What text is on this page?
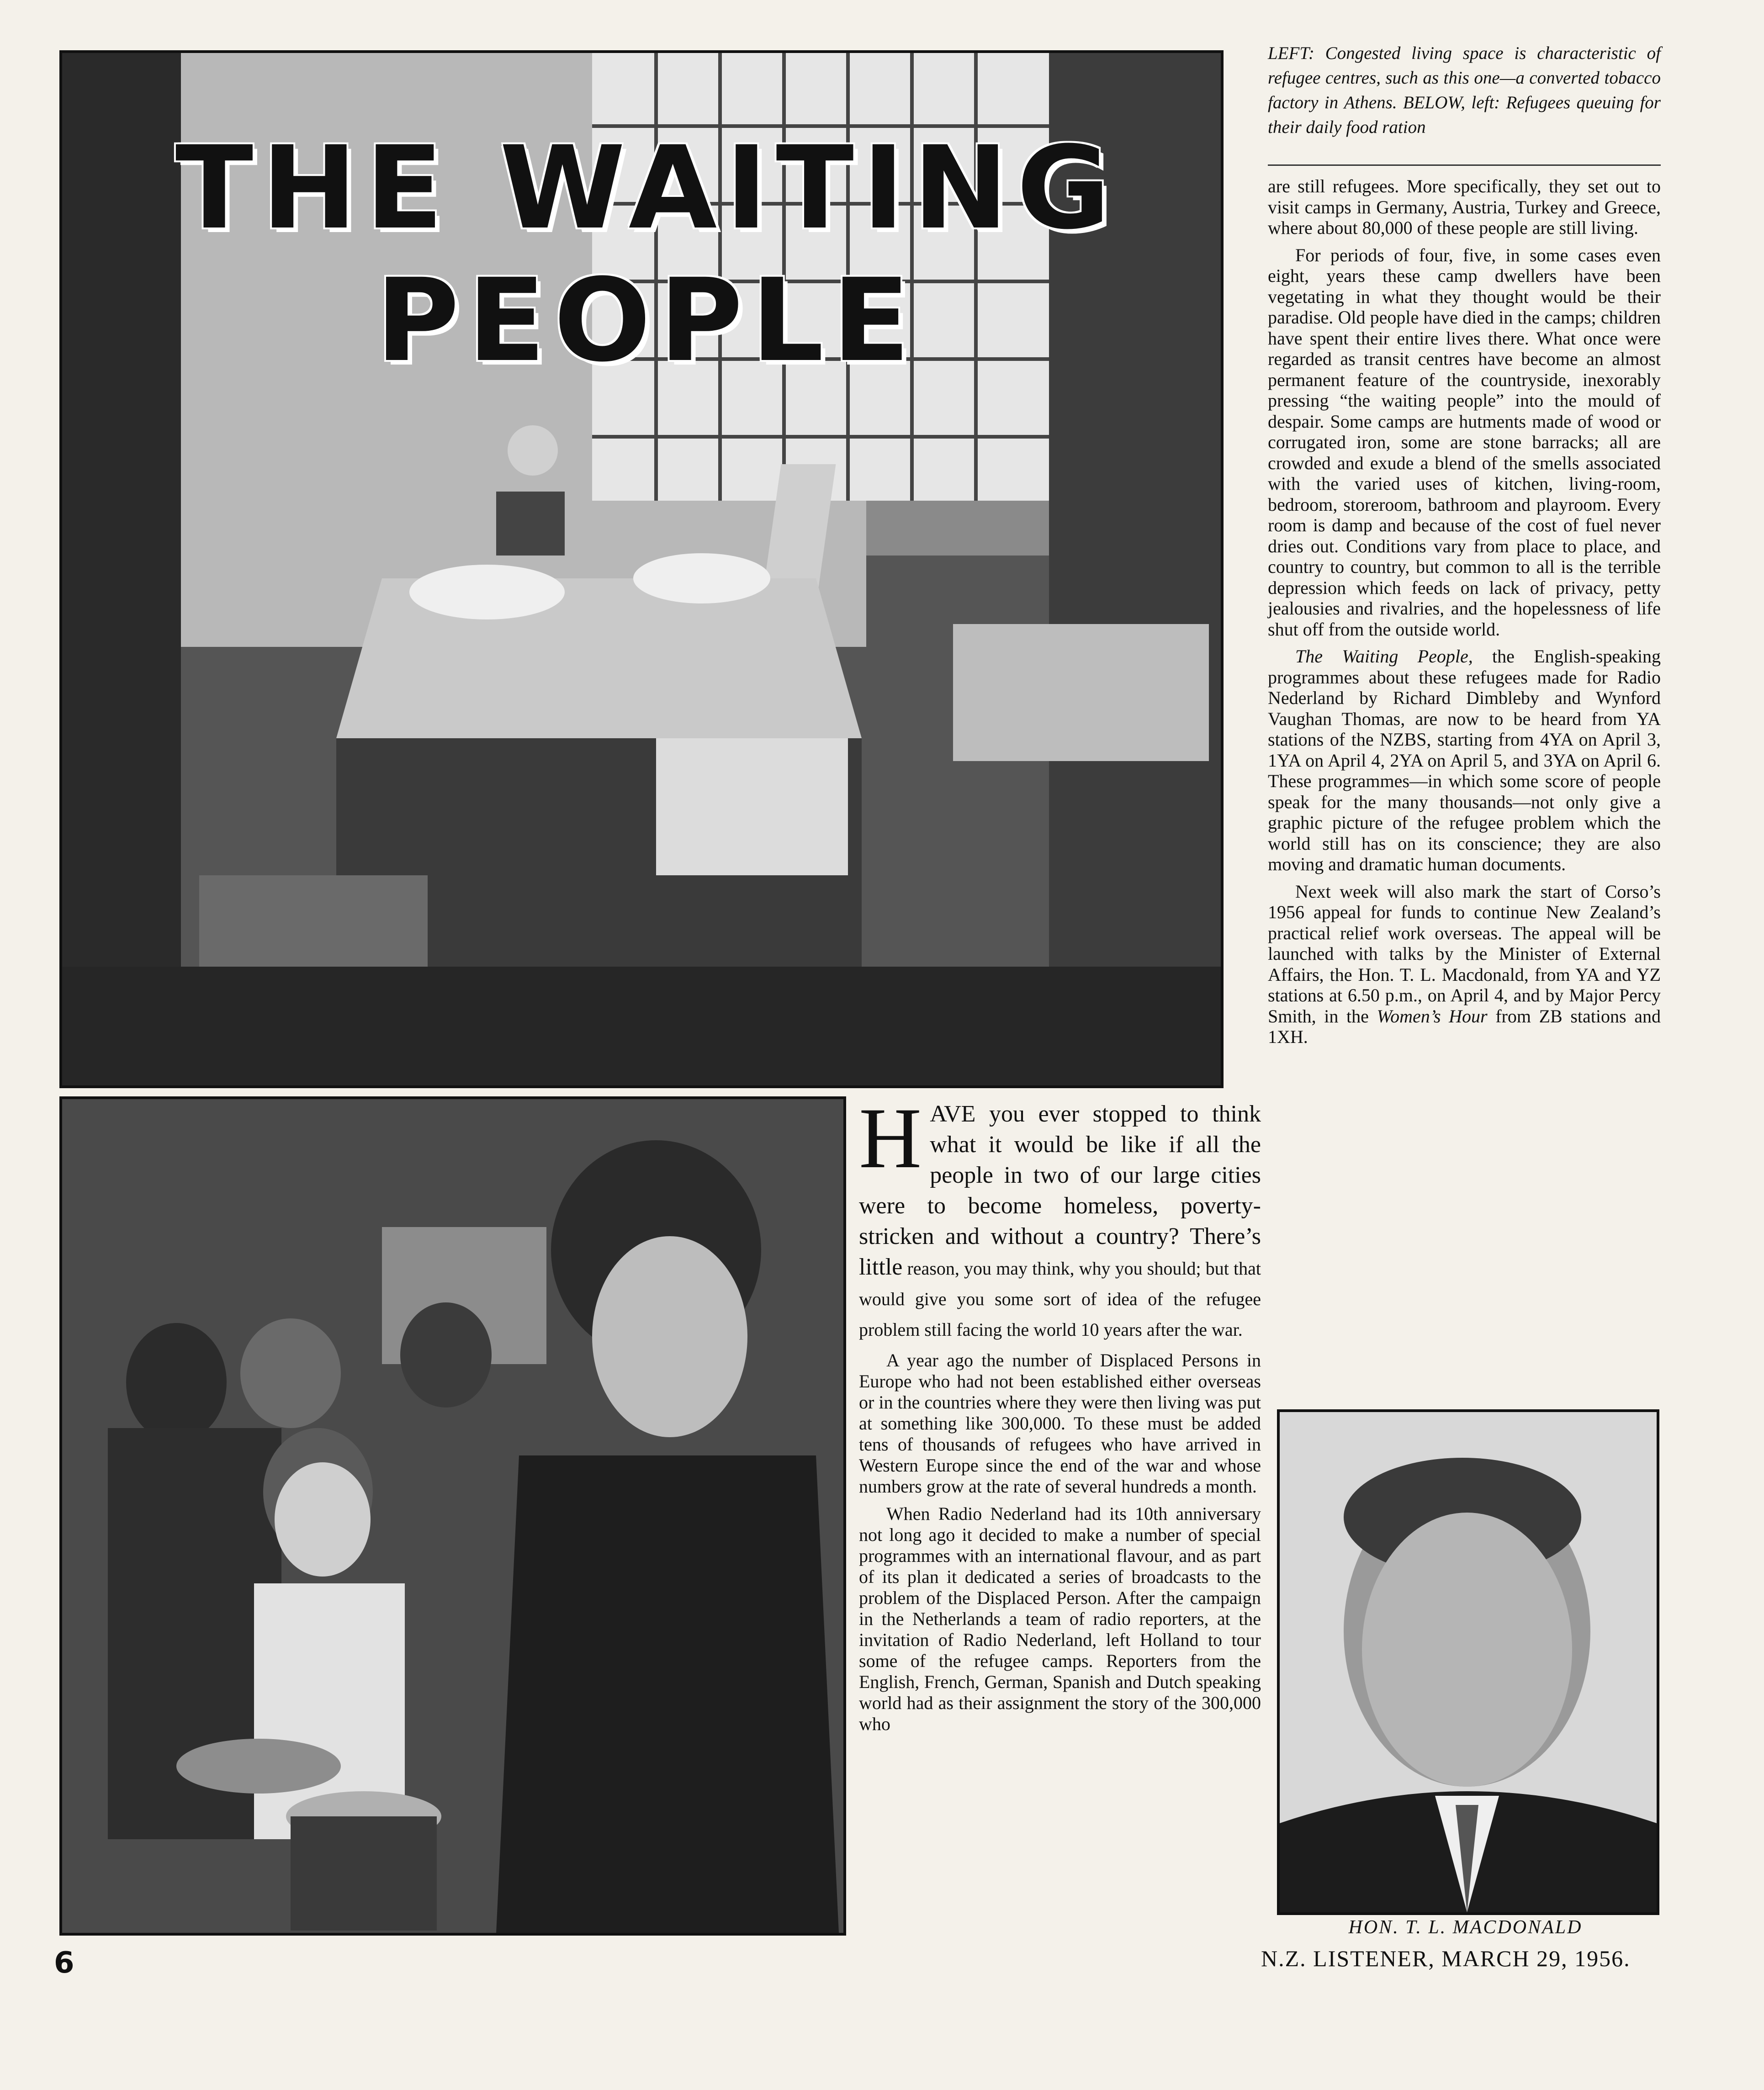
THE WAITING
PEOPLE
LEFT: Congested living space is characteristic of refugee centres, such as this one—a converted tobacco factory in Athens. BELOW, left: Refugees queuing for their daily food ration

are still refugees. More specifically, they set out to visit camps in Germany, Austria, Turkey and Greece, where about 80,000 of these people are still living.

For periods of four, five, in some cases even eight, years these camp dwellers have been vegetating in what they thought would be their paradise. Old people have died in the camps; children have spent their entire lives there. What once were regarded as transit centres have become an almost permanent feature of the countryside, inexorably pressing “the waiting people” into the mould of despair. Some camps are hutments made of wood or corrugated iron, some are stone barracks; all are crowded and exude a blend of the smells associated with the varied uses of kitchen, living-room, bedroom, storeroom, bathroom and playroom. Every room is damp and because of the cost of fuel never dries out. Conditions vary from place to place, and country to country, but common to all is the terrible depression which feeds on lack of privacy, petty jealousies and rivalries, and the hopelessness of life shut off from the outside world.

The Waiting People, the English-speaking programmes about these refugees made for Radio Nederland by Richard Dimbleby and Wynford Vaughan Thomas, are now to be heard from YA stations of the NZBS, starting from 4YA on April 3, 1YA on April 4, 2YA on April 5, and 3YA on April 6. These programmes—in which some score of people speak for the many thousands—not only give a graphic picture of the refugee problem which the world still has on its conscience; they are also moving and dramatic human documents.

Next week will also mark the start of Corso’s 1956 appeal for funds to continue New Zealand’s practical relief work overseas. The appeal will be launched with talks by the Minister of External Affairs, the Hon. T. L. Macdonald, from YA and YZ stations at 6.50 p.m., on April 4, and by Major Percy Smith, in the Women’s Hour from ZB stations and 1XH.

HAVE you ever stopped to think what it would be like if all the people in two of our large cities were to become homeless, poverty-stricken and without a country? There’s little reason, you may think, why you should; but that would give you some sort of idea of the refugee problem still facing the world 10 years after the war.

A year ago the number of Displaced Persons in Europe who had not been established either overseas or in the countries where they were then living was put at something like 300,000. To these must be added tens of thousands of refugees who have arrived in Western Europe since the end of the war and whose numbers grow at the rate of several hundreds a month.

When Radio Nederland had its 10th anniversary not long ago it decided to make a number of special programmes with an international flavour, and as part of its plan it dedicated a series of broadcasts to the problem of the Displaced Person. After the campaign in the Netherlands a team of radio reporters, at the invitation of Radio Nederland, left Holland to tour some of the refugee camps. Reporters from the English, French, German, Spanish and Dutch speaking world had as their assignment the story of the 300,000 who

HON. T. L. MACDONALD
6	N.Z. LISTENER, MARCH 29, 1956.
